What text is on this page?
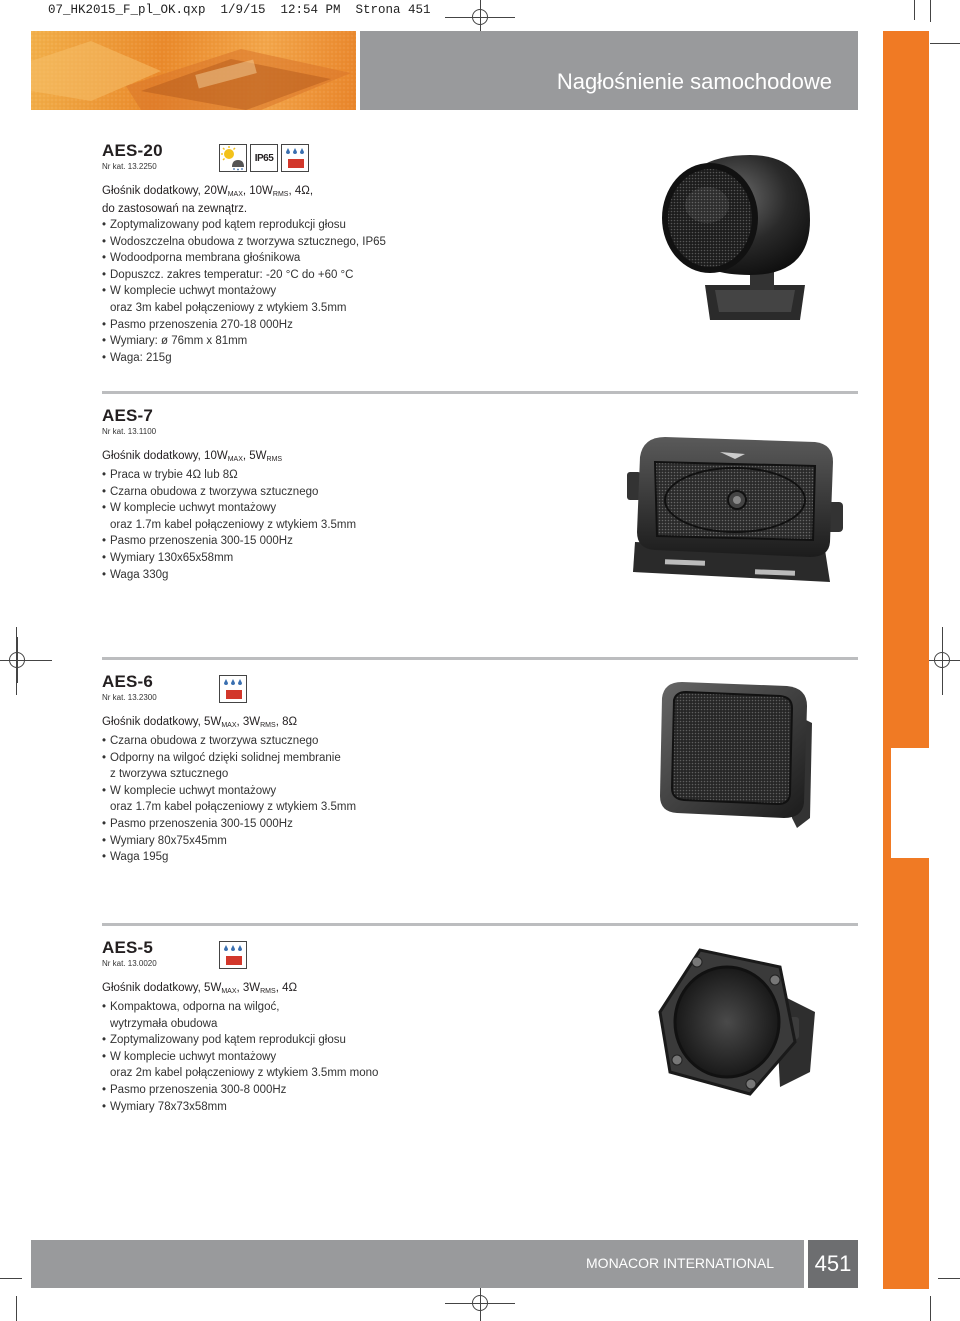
07_HK2015_F_pl_OK.qxp  1/9/15  12:54 PM  Strona 451
Nagłośnienie samochodowe
AES-20
Nr kat. 13.2250
Głośnik dodatkowy, $20W_{MAX}$, $10W_{RMS}$, 4Ω,
do zastosowań na zewnątrz.
• Zoptymalizowany pod kątem reprodukcji głosu
• Wodoszczelna obudowa z tworzywa sztucznego, IP65
• Wodoodporna membrana głośnikowa
• Dopuszcz. zakres temperatur: -20 °C do +60 °C
• W komplecie uchwyt montażowy
oraz 3m kabel połączeniowy z wtykiem 3.5mm
• Pasmo przenoszenia 270-18 000Hz
• Wymiary: ø 76mm x 81mm
• Waga: 215g
IP65
AES-7
Nr kat. 13.1100
Głośnik dodatkowy, $10W_{MAX}$, $5W_{RMS}$
• Praca w trybie 4Ω lub 8Ω
• Czarna obudowa z tworzywa sztucznego
• W komplecie uchwyt montażowy
oraz 1.7m kabel połączeniowy z wtykiem 3.5mm
• Pasmo przenoszenia 300-15 000Hz
• Wymiary 130x65x58mm
• Waga 330g
AES-6
Nr kat. 13.2300
Głośnik dodatkowy, $5W_{MAX}$, $3W_{RMS}$, 8Ω
• Czarna obudowa z tworzywa sztucznego
• Odporny na wilgoć dzięki solidnej membranie
z tworzywa sztucznego
• W komplecie uchwyt montażowy
oraz 1.7m kabel połączeniowy z wtykiem 3.5mm
• Pasmo przenoszenia 300-15 000Hz
• Wymiary 80x75x45mm
• Waga 195g
AES-5
Nr kat. 13.0020
Głośnik dodatkowy, $5W_{MAX}$, $3W_{RMS}$, 4Ω
• Kompaktowa, odporna na wilgoć,
wytrzymała obudowa
• Zoptymalizowany pod kątem reprodukcji głosu
• W komplecie uchwyt montażowy
oraz 2m kabel połączeniowy z wtykiem 3.5mm mono
• Pasmo przenoszenia 300-8 000Hz
• Wymiary 78x73x58mm
MONACOR INTERNATIONAL	451
